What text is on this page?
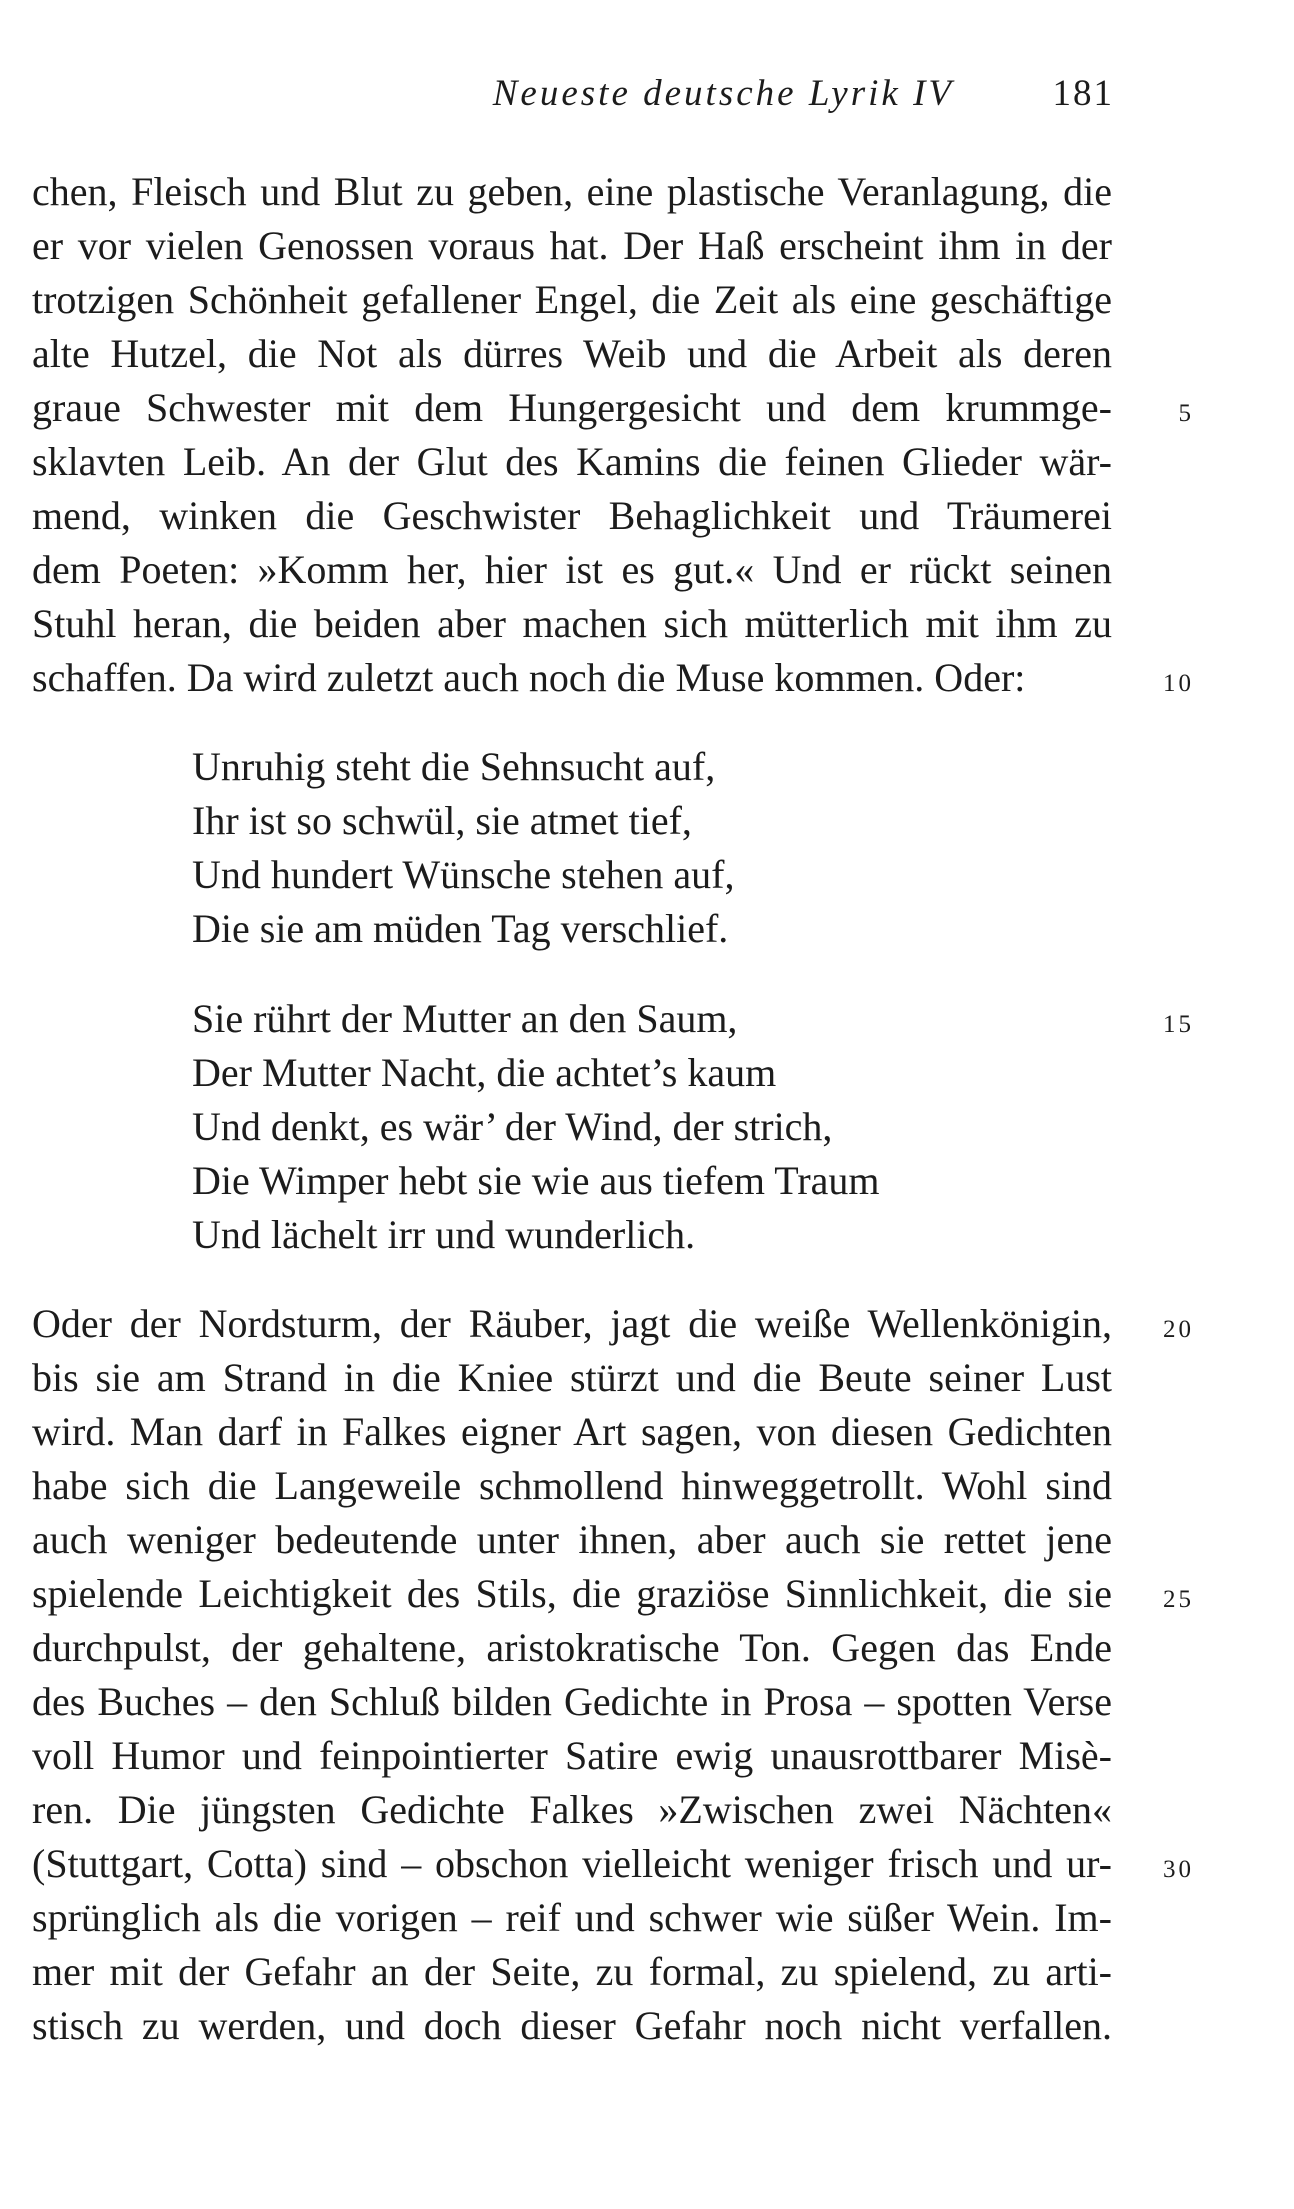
Neueste deutsche Lyrik IV	181
chen, Fleisch und Blut zu geben, eine plastische Veranlagung, die
er vor vielen Genossen voraus hat. Der Haß erscheint ihm in der
trotzigen Schönheit gefallener Engel, die Zeit als eine geschäftige
alte Hutzel, die Not als dürres Weib und die Arbeit als deren
graue Schwester mit dem Hungergesicht und dem krummge-
sklavten Leib. An der Glut des Kamins die feinen Glieder wär-
mend, winken die Geschwister Behaglichkeit und Träumerei
dem Poeten: »Komm her, hier ist es gut.« Und er rückt seinen
Stuhl heran, die beiden aber machen sich mütterlich mit ihm zu
schaffen. Da wird zuletzt auch noch die Muse kommen. Oder:
Unruhig steht die Sehnsucht auf,
Ihr ist so schwül, sie atmet tief,
Und hundert Wünsche stehen auf,
Die sie am müden Tag verschlief.
Sie rührt der Mutter an den Saum,
Der Mutter Nacht, die achtet’s kaum
Und denkt, es wär’ der Wind, der strich,
Die Wimper hebt sie wie aus tiefem Traum
Und lächelt irr und wunderlich.
Oder der Nordsturm, der Räuber, jagt die weiße Wellenkönigin,
bis sie am Strand in die Kniee stürzt und die Beute seiner Lust
wird. Man darf in Falkes eigner Art sagen, von diesen Gedichten
habe sich die Langeweile schmollend hinweggetrollt. Wohl sind
auch weniger bedeutende unter ihnen, aber auch sie rettet jene
spielende Leichtigkeit des Stils, die graziöse Sinnlichkeit, die sie
durchpulst, der gehaltene, aristokratische Ton. Gegen das Ende
des Buches – den Schluß bilden Gedichte in Prosa – spotten Verse
voll Humor und feinpointierter Satire ewig unausrottbarer Misè-
ren. Die jüngsten Gedichte Falkes »Zwischen zwei Nächten«
(Stuttgart, Cotta) sind – obschon vielleicht weniger frisch und ur-
sprünglich als die vorigen – reif und schwer wie süßer Wein. Im-
mer mit der Gefahr an der Seite, zu formal, zu spielend, zu arti-
stisch zu werden, und doch dieser Gefahr noch nicht verfallen.
5
10
15
20
25
30
